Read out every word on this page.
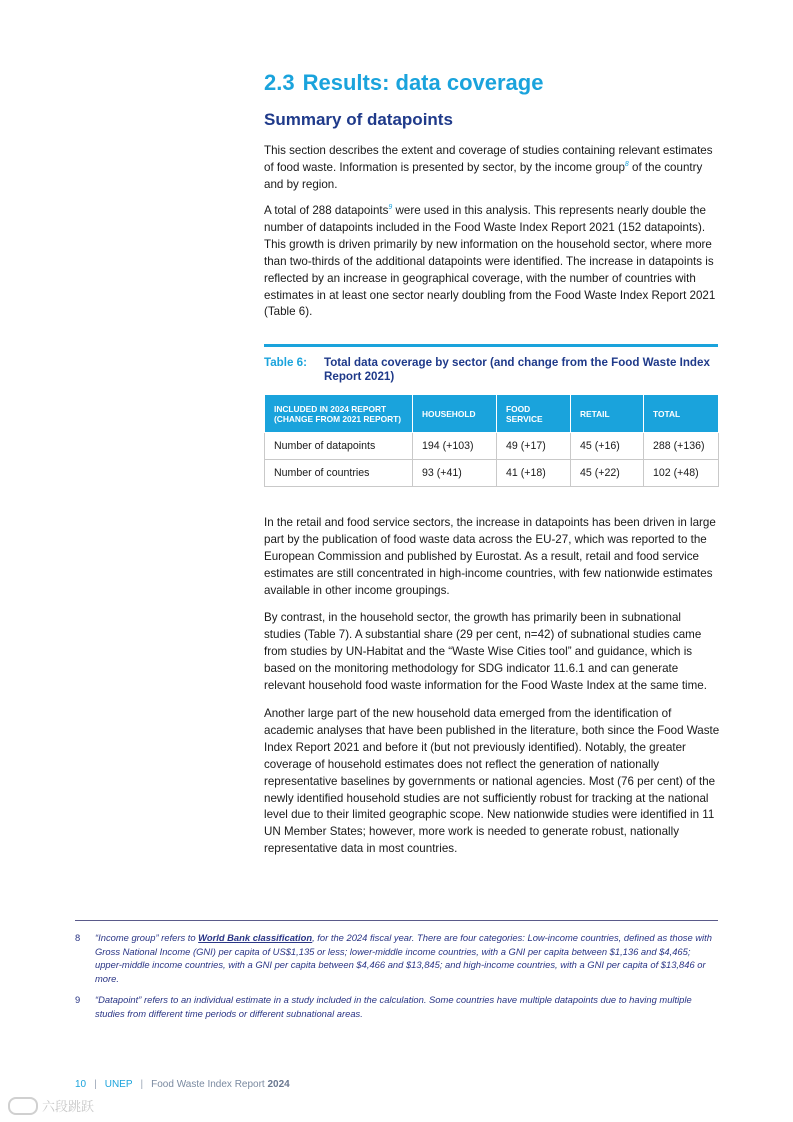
2.3 Results: data coverage
Summary of datapoints

This section describes the extent and coverage of studies containing relevant estimates of food waste. Information is presented by sector, by the income group$^8$ of the country and by region.

A total of 288 datapoints$^9$ were used in this analysis. This represents nearly double the number of datapoints included in the Food Waste Index Report 2021 (152 datapoints). This growth is driven primarily by new information on the household sector, where more than two-thirds of the additional datapoints were identified. The increase in datapoints is reflected by an increase in geographical coverage, with the number of countries with estimates in at least one sector nearly doubling from the Food Waste Index Report 2021 (Table 6).

Table 6:	Total data coverage by sector (and change from the Food Waste Index Report 2021)
INCLUDED IN 2024 REPORT
(CHANGE FROM 2021 REPORT)	HOUSEHOLD	FOOD SERVICE	RETAIL	TOTAL
Number of datapoints	194 (+103)	49 (+17)	45 (+16)	288 (+136)
Number of countries	93 (+41)	41 (+18)	45 (+22)	102 (+48)

In the retail and food service sectors, the increase in datapoints has been driven in large part by the publication of food waste data across the EU-27, which was reported to the European Commission and published by Eurostat. As a result, retail and food service estimates are still concentrated in high-income countries, with few nationwide estimates available in other income groupings.

By contrast, in the household sector, the growth has primarily been in subnational studies (Table 7). A substantial share (29 per cent, n=42) of subnational studies came from studies by UN-Habitat and the “Waste Wise Cities tool” and guidance, which is based on the monitoring methodology for SDG indicator 11.6.1 and can generate relevant household food waste information for the Food Waste Index at the same time.

Another large part of the new household data emerged from the identification of academic analyses that have been published in the literature, both since the Food Waste Index Report 2021 and before it (but not previously identified). Notably, the greater coverage of household estimates does not reflect the generation of nationally representative baselines by governments or national agencies. Most (76 per cent) of the newly identified household studies are not sufficiently robust for tracking at the national level due to their limited geographic scope. New nationwide studies were identified in 11 UN Member States; however, more work is needed to generate robust, nationally representative data in most countries.

8	“Income group” refers to World Bank classification, for the 2024 fiscal year. There are four categories: Low-income countries, defined as those with Gross National Income (GNI) per capita of US$1,135 or less; lower-middle income countries, with a GNI per capita between $1,136 and $4,465; upper-middle income countries, with a GNI per capita between $4,466 and $13,845; and high-income countries, with a GNI per capita of $13,846 or more.
9	“Datapoint” refers to an individual estimate in a study included in the calculation. Some countries have multiple datapoints due to having multiple studies from different time periods or different subnational areas.
10 | UNEP | Food Waste Index Report 2024
六段跳跃
